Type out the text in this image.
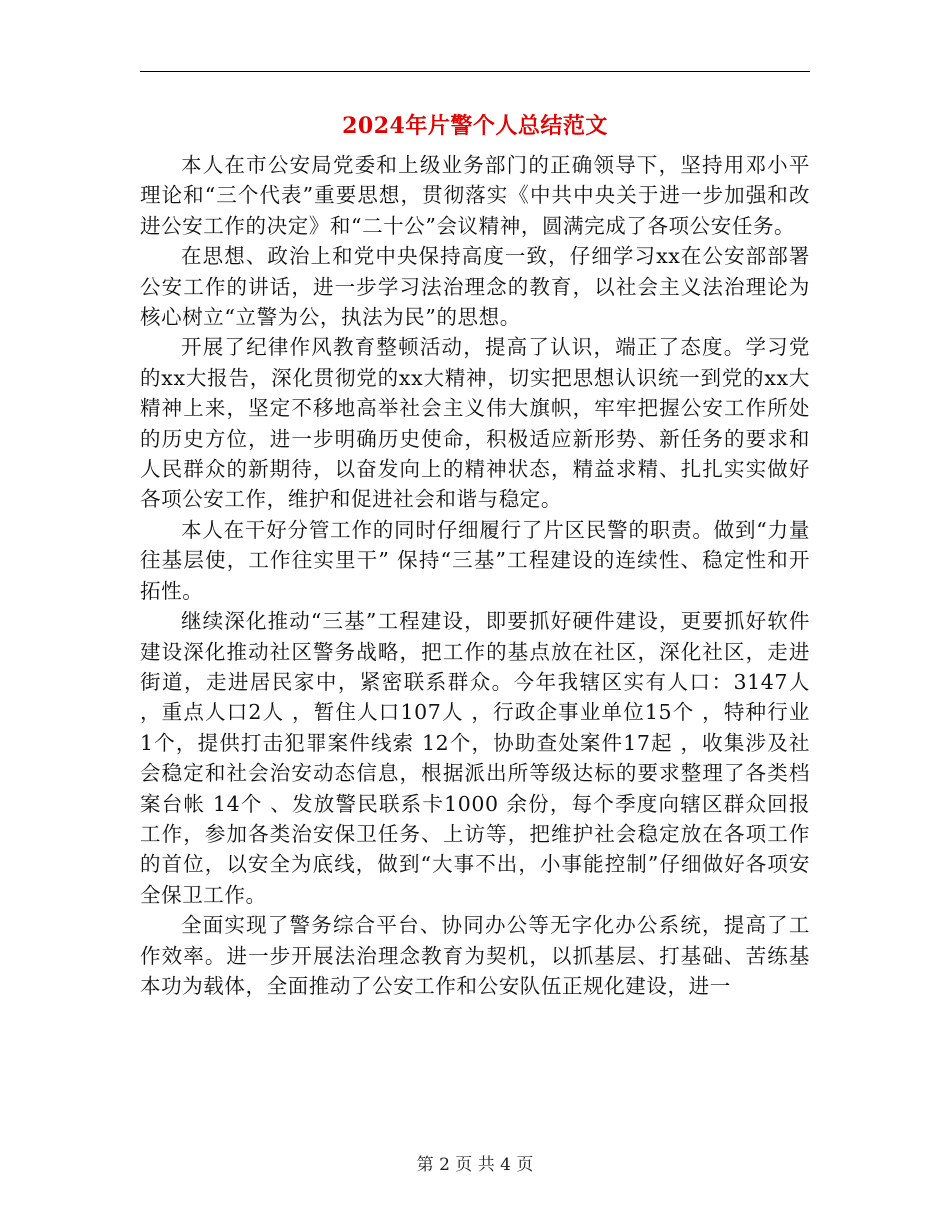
2024年片警个人总结范文

本人在市公安局党委和上级业务部门的正确领导下，坚持用邓小平理论和“三个代表”重要思想，贯彻落实《中共中央关于进一步加强和改进公安工作的决定》和“二十公”会议精神，圆满完成了各项公安任务。

在思想、政治上和党中央保持高度一致，仔细学习xx在公安部部署公安工作的讲话，进一步学习法治理念的教育，以社会主义法治理论为核心树立“立警为公，执法为民”的思想。

开展了纪律作风教育整顿活动，提高了认识，端正了态度。学习党的xx大报告，深化贯彻党的xx大精神，切实把思想认识统一到党的xx大精神上来，坚定不移地高举社会主义伟大旗帜，牢牢把握公安工作所处的历史方位，进一步明确历史使命，积极适应新形势、新任务的要求和人民群众的新期待，以奋发向上的精神状态，精益求精、扎扎实实做好各项公安工作，维护和促进社会和谐与稳定。

本人在干好分管工作的同时仔细履行了片区民警的职责。做到“力量往基层使，工作往实里干” 保持“三基”工程建设的连续性、稳定性和开拓性。

继续深化推动“三基”工程建设，即要抓好硬件建设，更要抓好软件建设深化推动社区警务战略，把工作的基点放在社区，深化社区，走进街道，走进居民家中，紧密联系群众。今年我辖区实有人口：3147人 ，重点人口2人 ，暂住人口107人 ，行政企事业单位15个 ，特种行业 1个，提供打击犯罪案件线索 12个，协助查处案件17起 ，收集涉及社会稳定和社会治安动态信息，根据派出所等级达标的要求整理了各类档案台帐 14个 、发放警民联系卡1000 余份，每个季度向辖区群众回报工作，参加各类治安保卫任务、上访等，把维护社会稳定放在各项工作的首位，以安全为底线，做到“大事不出，小事能控制”仔细做好各项安全保卫工作。

全面实现了警务综合平台、协同办公等无字化办公系统，提高了工作效率。进一步开展法治理念教育为契机，以抓基层、打基础、苦练基本功为载体，全面推动了公安工作和公安队伍正规化建设，进一

第 2 页 共 4 页
